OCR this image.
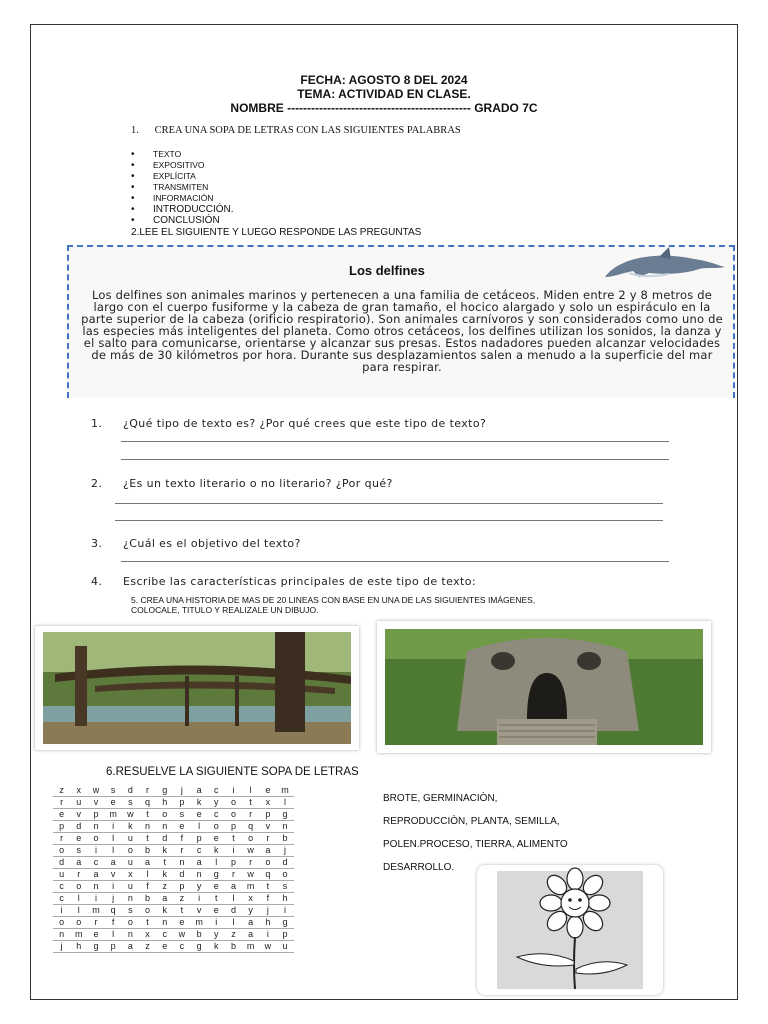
FECHA: AGOSTO 8 DEL 2024
TEMA: ACTIVIDAD EN CLASE.
NOMBRE ---------------------------------------------- GRADO 7C
1.      CREA UNA SOPA DE LETRAS CON LAS SIGUIENTES PALABRAS
• TEXTO
• EXPOSITIVO
• EXPLÍCITA
• TRANSMITEN
• INFORMACIÓN
• INTRODUCCIÓN.
• CONCLUSIÓN
2.LEE EL SIGUIENTE Y LUEGO RESPONDE LAS PREGUNTAS
Los delfines
Los delfines son animales marinos y pertenecen a una familia de cetáceos. Miden entre 2 y 8 metros de largo con el cuerpo fusiforme y la cabeza de gran tamaño, el hocico alargado y solo un espiráculo en la parte superior de la cabeza (orificio respiratorio). Son animales carnívoros y son considerados como uno de las especies más inteligentes del planeta. Como otros cetáceos, los delfines utilizan los sonidos, la danza y el salto para comunicarse, orientarse y alcanzar sus presas. Estos nadadores pueden alcanzar velocidades de más de 30 kilómetros por hora. Durante sus desplazamientos salen a menudo a la superficie del mar para respirar.
1. ¿Qué tipo de texto es? ¿Por qué crees que este tipo de texto?
2. ¿Es un texto literario o no literario? ¿Por qué?
3. ¿Cuál es el objetivo del texto?
4. Escribe las características principales de este tipo de texto:
5. CREA UNA HISTORIA DE MAS DE 20 LINEAS CON BASE EN UNA DE LAS SIGUIENTES IMÁGENES,
COLOCALE, TITULO Y REALIZALE UN DIBUJO.
6.RESUELVE LA SIGUIENTE SOPA DE LETRAS
z	x	w	s	d	r	g	j	a	c	i	l	e	m
r	u	v	e	s	q	h	p	k	y	o	t	x	l
e	v	p	m	w	t	o	s	e	c	o	r	p	g
p	d	n	i	k	n	n	e	l	o	p	q	v	n
r	e	o	l	u	t	d	f	p	e	t	o	r	b
o	s	i	l	o	b	k	r	c	k	i	w	a	j
d	a	c	a	u	a	t	n	a	l	p	r	o	d
u	r	a	v	x	l	k	d	n	g	r	w	q	o
c	o	n	i	u	f	z	p	y	e	a	m	t	s
c	l	i	j	n	b	a	z	i	t	l	x	f	h
i	l	m	q	s	o	k	t	v	e	d	y	j	i
o	o	r	f	o	t	n	e	m	i	l	a	h	g
n	m	e	l	n	x	c	w	b	y	z	a	i	p
j	h	g	p	a	z	e	c	g	k	b	m	w	u
BROTE, GERMINACIÒN,
REPRODUCCIÒN, PLANTA, SEMILLA,
POLEN.PROCESO, TIERRA, ALIMENTO
DESARROLLO.
